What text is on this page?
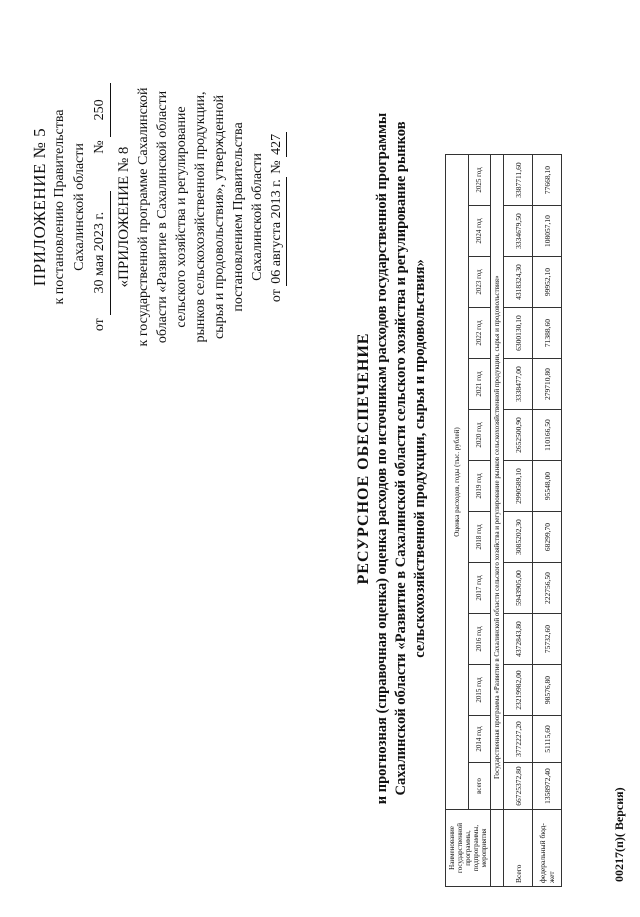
ПРИЛОЖЕНИЕ № 5 к постановлению Правительства Сахалинской области
от 30 мая 2023 г.  № 250
«ПРИЛОЖЕНИЕ № 8 к государственной программе Сахалинской области «Развитие в Сахалинской области сельского хозяйства и регулирование рынков сельскохозяйственной продукции, сырья и продовольствия», утвержденной постановлением Правительства Сахалинской области
от 06 августа 2013 г. № 427
РЕСУРСНОЕ ОБЕСПЕЧЕНИЕ и прогнозная (справочная оценка) оценка расходов по источникам расходов государственной программы Сахалинской области «Развитие в Сахалинской области сельского хозяйства и регулирование рынков сельскохозяйственной продукции, сырья и продовольствия»
Наименование государственной программы, подпрограммы, мероприятия	Оценка расходов, годы (тыс. рублей)												
	всего	2014 год	2015 год	2016 год	2017 год	2018 год	2019 год	2020 год	2021 год	2022 год	2023 год	2024 год	2025 год
	Государственная программа «Развитие в Сахалинской области сельского хозяйства и регулирование рынков сельскохозяйственной продукции, сырья и продовольствия»												
Всего	66725372,80	3772227,20	23219982,00	4372843,80	5943905,00	3085202,30	2990589,10	2652500,90	3338477,00	6300130,10	4318324,30	3334679,50	3387711,60
федеральный бюд-жет	1358972,40	51115,60	98576,80	75732,60	222756,50	68299,70	95548,00	110166,50	279710,80	71388,60	99952,10	108057,10	77668,10
00217(п)( Версия)
